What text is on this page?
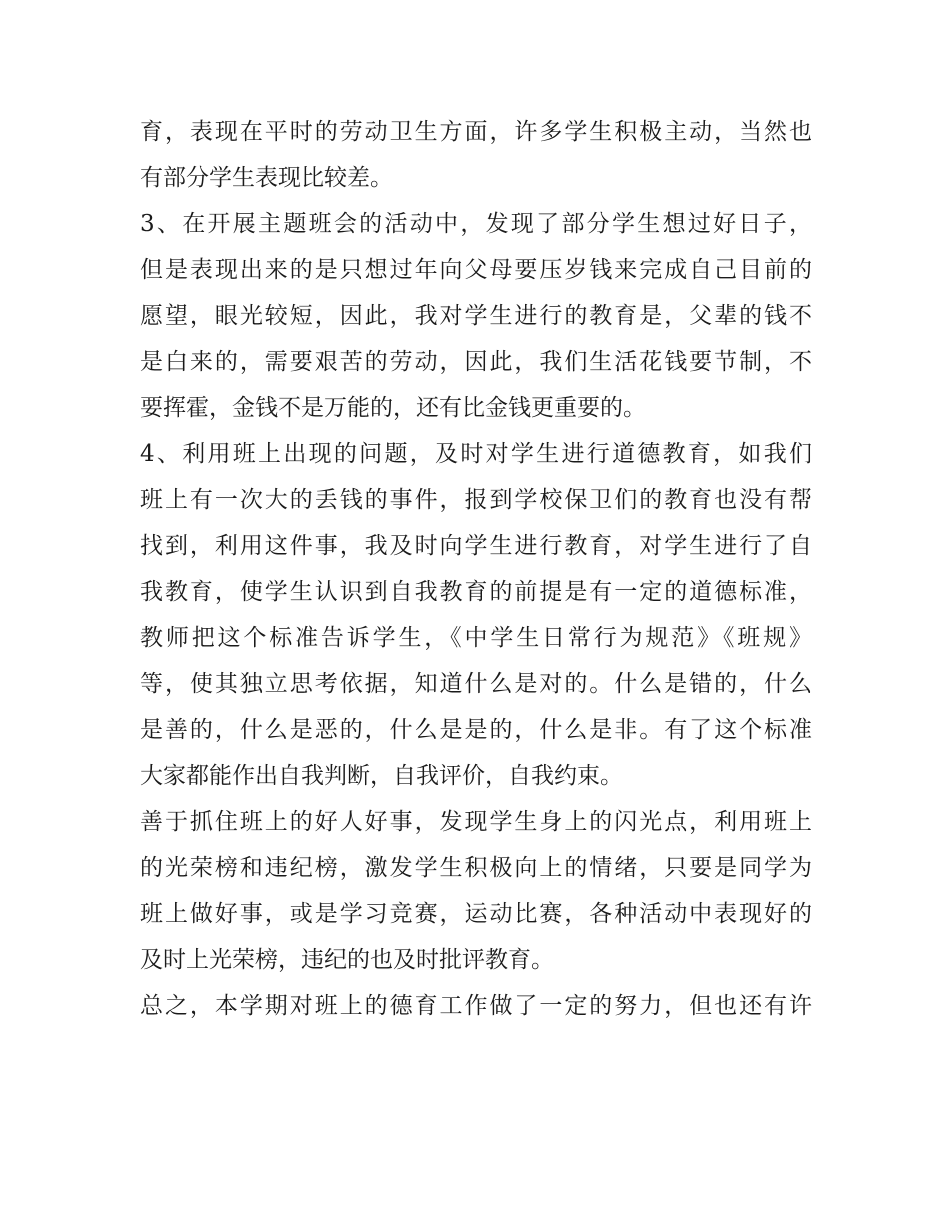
育，表现在平时的劳动卫生方面，许多学生积极主动，当然也
有部分学生表现比较差。
3、在开展主题班会的活动中，发现了部分学生想过好日子，
但是表现出来的是只想过年向父母要压岁钱来完成自己目前的
愿望，眼光较短，因此，我对学生进行的教育是，父辈的钱不
是白来的，需要艰苦的劳动，因此，我们生活花钱要节制，不
要挥霍，金钱不是万能的，还有比金钱更重要的。
4、利用班上出现的问题，及时对学生进行道德教育，如我们
班上有一次大的丢钱的事件，报到学校保卫们的教育也没有帮
找到，利用这件事，我及时向学生进行教育，对学生进行了自
我教育，使学生认识到自我教育的前提是有一定的道德标准，
教师把这个标准告诉学生，《中学生日常行为规范》《班规》
等，使其独立思考依据，知道什么是对的。什么是错的，什么
是善的，什么是恶的，什么是是的，什么是非。有了这个标准
大家都能作出自我判断，自我评价，自我约束。
善于抓住班上的好人好事，发现学生身上的闪光点，利用班上
的光荣榜和违纪榜，激发学生积极向上的情绪，只要是同学为
班上做好事，或是学习竞赛，运动比赛，各种活动中表现好的
及时上光荣榜，违纪的也及时批评教育。
总之，本学期对班上的德育工作做了一定的努力，但也还有许
